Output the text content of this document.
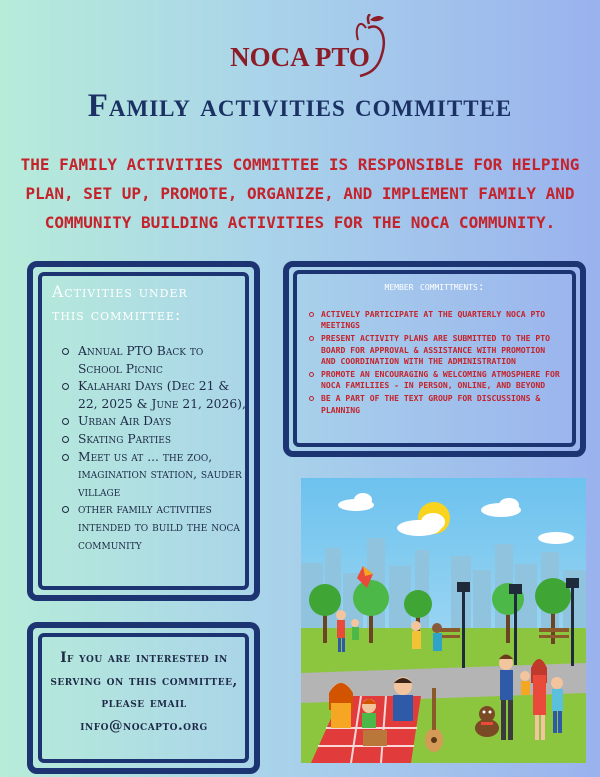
NOCA PTO
Family activities committee
THE FAMILY ACTIVITIES COMMITTEE IS RESPONSIBLE FOR HELPING PLAN, SET UP, PROMOTE, ORGANIZE, AND IMPLEMENT FAMILY AND COMMUNITY BUILDING ACTIVITIES FOR THE NOCA COMMUNITY.
Activities under
this committee:
Annual PTO Back to School Picnic
Kalahari Days (Dec 21 & 22, 2025 & June 21, 2026),
Urban Air Days
Skating Parties
Meet us at ... the zoo, imagination station, sauder village
other family activities intended to build the noca community
member committments:
ACTIVELY PARTICIPATE AT THE QUARTERLY NOCA PTO MEETINGS
PRESENT ACTIVITY PLANS ARE SUBMITTED TO THE PTO BOARD FOR APPROVAL & ASSISTANCE WITH PROMOTION AND COORDINATION WITH THE ADMINISTRATION
PROMOTE AN ENCOURAGING & WELCOMING ATMOSPHERE FOR NOCA FAMILIIES - IN PERSON, ONLINE, AND BEYOND
BE A PART OF THE TEXT GROUP FOR DISCUSSIONS & PLANNING
If you are interested in serving on this committee, please email info@nocapto.org
